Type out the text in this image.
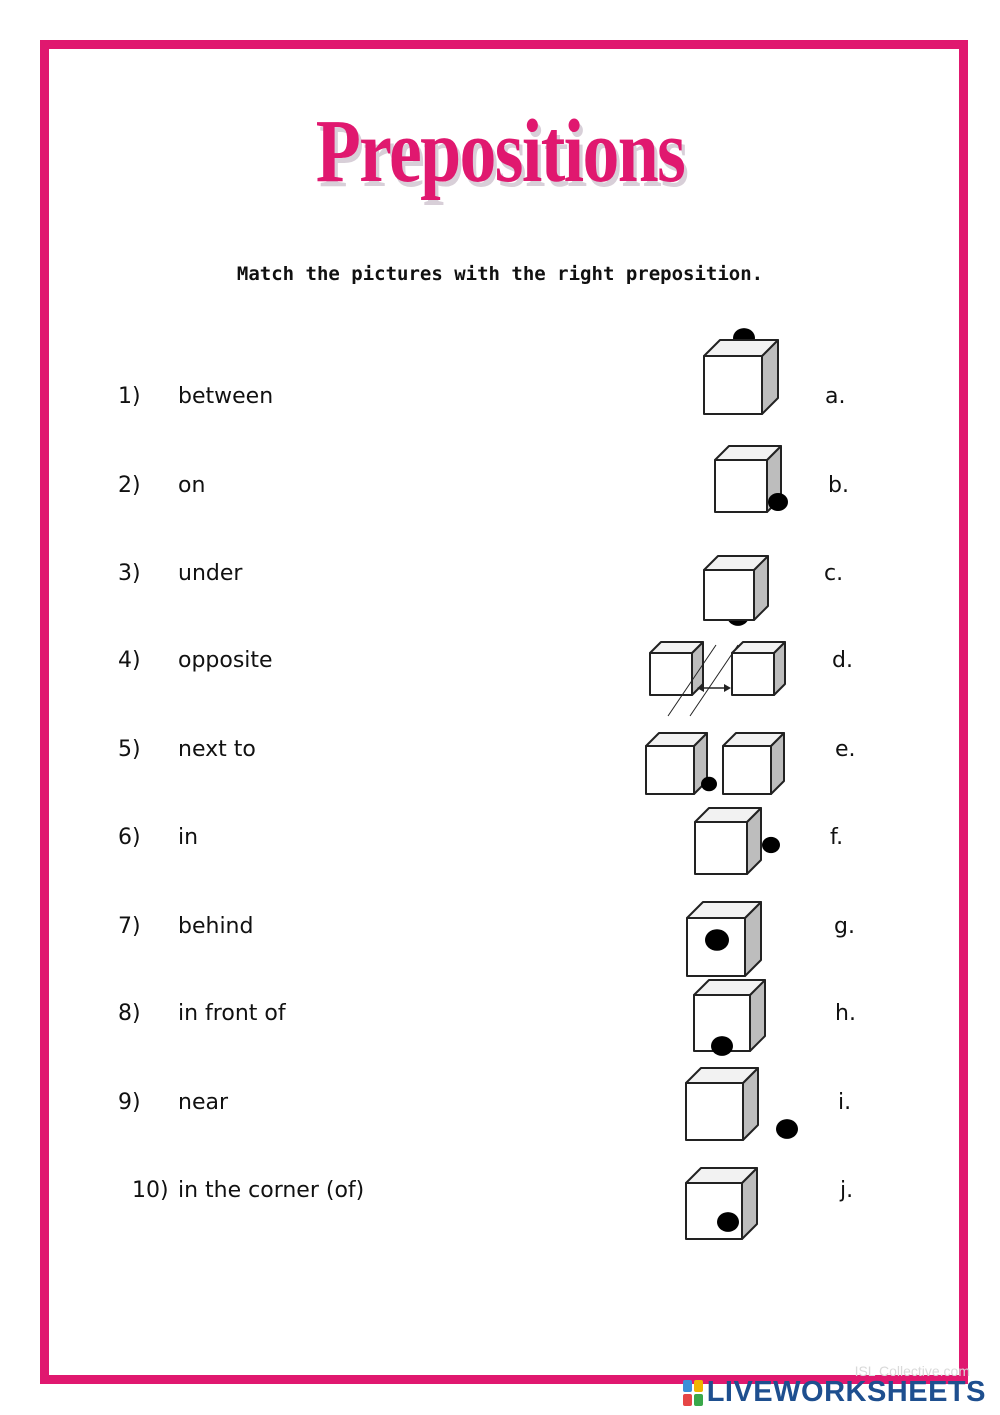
Prepositions
Match the pictures with the right preposition.
1) between	a.
2) on	b.
3) under	c.
4) opposite	d.
5) next to	e.
6) in	f.
7) behind	g.
8) in front of	h.
9) near	i.
10) in the corner (of)	j.
ISL Collective.com
LIVEWORKSHEETS
